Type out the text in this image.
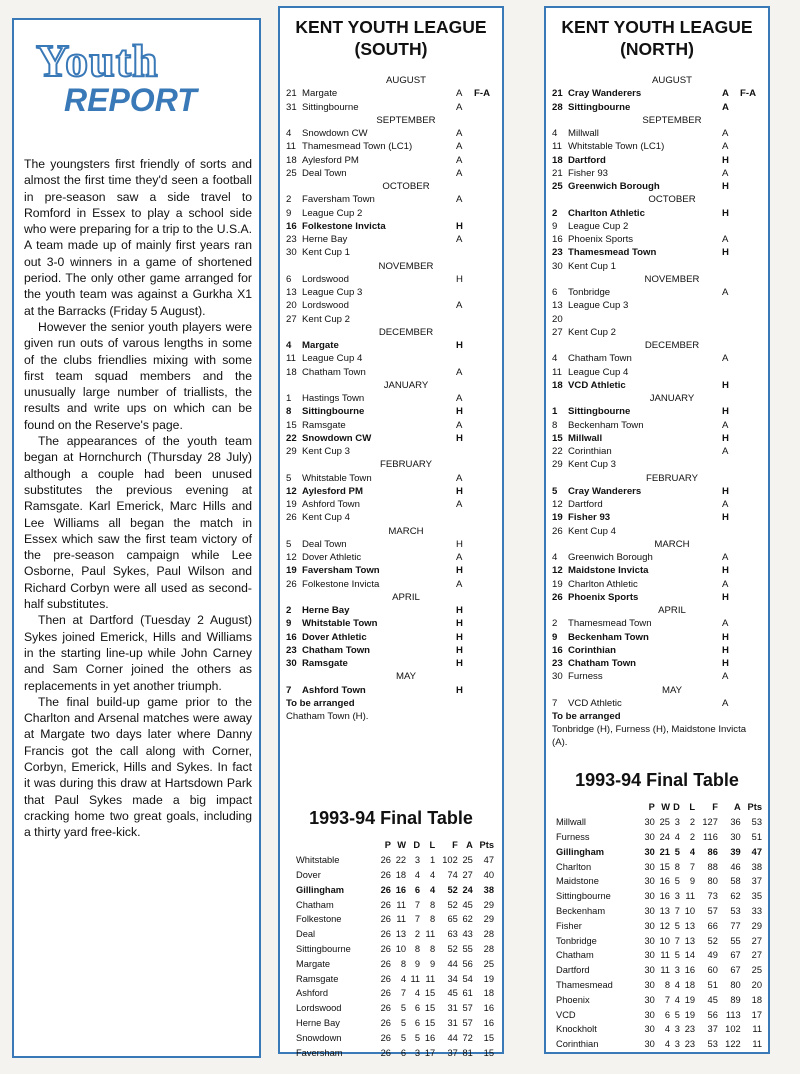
Youth
REPORT

The youngsters first friendly of sorts and almost the first time they'd seen a football in pre-season saw a side travel to Romford in Essex to play a school side who were preparing for a trip to the U.S.A. A team made up of mainly first years ran out 3-0 winners in a game of shortened period. The only other game arranged for the youth team was against a Gurkha X1 at the Barracks (Friday 5 August).

However the senior youth players were given run outs of varous lengths in some of the clubs friendlies mixing with some first team squad members and the unusually large number of triallists, the results and write ups on which can be found on the Reserve's page.

The appearances of the youth team began at Hornchurch (Thursday 28 July) although a couple had been unused substitutes the previous evening at Ramsgate. Karl Emerick, Marc Hills and Lee Williams all began the match in Essex which saw the first team victory of the pre-season campaign while Lee Osborne, Paul Sykes, Paul Wilson and Richard Corbyn were all used as second-half substitutes.

Then at Dartford (Tuesday 2 August) Sykes joined Emerick, Hills and Williams in the starting line-up while John Carney and Sam Corner joined the others as replacements in yet another triumph.

The final build-up game prior to the Charlton and Arsenal matches were away at Margate two days later where Danny Francis got the call along with Corner, Corbyn, Emerick, Hills and Sykes. In fact it was during this draw at Hartsdown Park that Paul Sykes made a big impact cracking home two great goals, including a thirty yard free-kick.

KENT YOUTH LEAGUE
(SOUTH)
AUGUST
F-A
21 Margate	A
31 Sittingbourne	A
SEPTEMBER
4	Snowdown CW	A
11 Thamesmead Town (LC1)	A
18 Aylesford PM	A
25 Deal Town	A
OCTOBER
2	Faversham Town	A
9	League Cup 2
16 Folkestone Invicta	H
23 Herne Bay	A
30 Kent Cup 1
NOVEMBER
6	Lordswood	H
13 League Cup 3
20 Lordswood	A
27 Kent Cup 2
DECEMBER
4	Margate	H
11 League Cup 4
18 Chatham Town	A
JANUARY
1	Hastings Town	A
8	Sittingbourne	H
15 Ramsgate	A
22 Snowdown CW	H
29 Kent Cup 3
FEBRUARY
5	Whitstable Town	A
12 Aylesford PM	H
19 Ashford Town	A
26 Kent Cup 4
MARCH
5	Deal Town	H
12 Dover Athletic	A
19 Faversham Town	H
26 Folkestone Invicta	A
APRIL
2	Herne Bay	H
9	Whitstable Town	H
16 Dover Athletic	H
23 Chatham Town	H
30 Ramsgate	H
MAY
7	Ashford Town	H
To be arranged
Chatham Town (H).
1993-94 Final Table
	P	W	D	L	F	A	Pts
Whitstable	26	22	3	1	102	25	47
Dover	26	18	4	4	74	27	40
Gillingham	26	16	6	4	52	24	38
Chatham	26	11	7	8	52	45	29
Folkestone	26	11	7	8	65	62	29
Deal	26	13	2	11	63	43	28
Sittingbourne	26	10	8	8	52	55	28
Margate	26	8	9	9	44	56	25
Ramsgate	26	4	11	11	34	54	19
Ashford	26	7	4	15	45	61	18
Lordswood	26	5	6	15	31	57	16
Herne Bay	26	5	6	15	31	57	16
Snowdown	26	5	5	16	44	72	15
Faversham	26	6	3	17	37	81	15
KENT YOUTH LEAGUE
(NORTH)
AUGUST
F-A
21 Cray Wanderers	A
28 Sittingbourne	A
SEPTEMBER
4	Millwall	A
11 Whitstable Town (LC1)	A
18 Dartford	H
21 Fisher 93	A
25 Greenwich Borough	H
OCTOBER
2	Charlton Athletic	H
9	League Cup 2
16 Phoenix Sports	A
23 Thamesmead Town	H
30 Kent Cup 1
NOVEMBER
6	Tonbridge	A
13 League Cup 3
20
27 Kent Cup 2
DECEMBER
4	Chatham Town	A
11 League Cup 4
18 VCD Athletic	H
JANUARY
1	Sittingbourne	H
8	Beckenham Town	A
15 Millwall	H
22 Corinthian	A
29 Kent Cup 3
FEBRUARY
5	Cray Wanderers	H
12 Dartford	A
19 Fisher 93	H
26 Kent Cup 4
MARCH
4	Greenwich Borough	A
12 Maidstone Invicta	H
19 Charlton Athletic	A
26 Phoenix Sports	H
APRIL
2	Thamesmead Town	A
9	Beckenham Town	H
16 Corinthian	H
23 Chatham Town	H
30 Furness	A
MAY
7	VCD Athletic	A
To be arranged
Tonbridge (H), Furness (H), Maidstone Invicta (A).
1993-94 Final Table
	P	W	D	L	F	A	Pts
Millwall	30	25	3	2	127	36	53
Furness	30	24	4	2	116	30	51
Gillingham	30	21	5	4	86	39	47
Charlton	30	15	8	7	88	46	38
Maidstone	30	16	5	9	80	58	37
Sittingbourne	30	16	3	11	73	62	35
Beckenham	30	13	7	10	57	53	33
Fisher	30	12	5	13	66	77	29
Tonbridge	30	10	7	13	52	55	27
Chatham	30	11	5	14	49	67	27
Dartford	30	11	3	16	60	67	25
Thamesmead	30	8	4	18	51	80	20
Phoenix	30	7	4	19	45	89	18
VCD	30	6	5	19	56	113	17
Knockholt	30	4	3	23	37	102	11
Corinthian	30	4	3	23	53	122	11
